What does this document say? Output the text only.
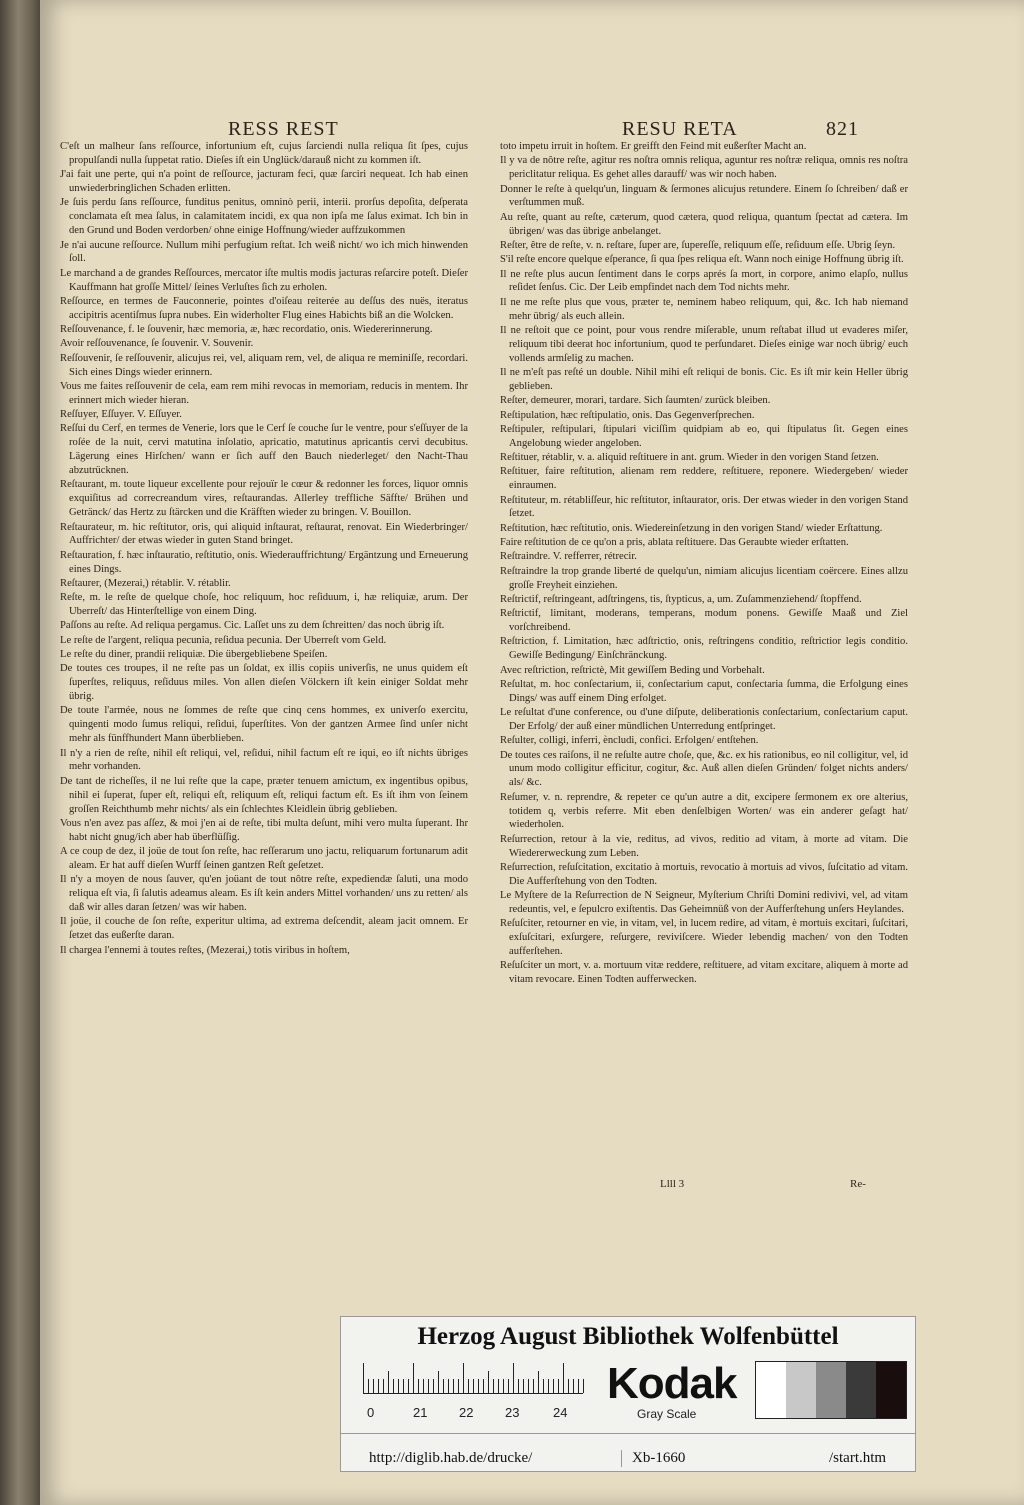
RESS REST	RESU RETA	821

C'eſt un malheur ſans reſſource, infortunium eſt, cujus ſarciendi nulla reliqua ſit ſpes, cujus propulſandi nulla ſuppetat ratio. Dieſes iſt ein Unglück/darauß nicht zu kommen iſt.

J'ai fait une perte, qui n'a point de reſſource, jacturam feci, quæ ſarciri nequeat. Ich hab einen unwiederbringlichen Schaden erlitten.

Je ſuis perdu ſans reſſource, funditus penitus, omninò perii, interii. prorſus depoſita, deſperata conclamata eſt mea ſalus, in calamitatem incidi, ex qua non ipſa me ſalus eximat. Ich bin in den Grund und Boden verdorben/ ohne einige Hoffnung/wieder auffzukommen

Je n'ai aucune reſſource. Nullum mihi perfugium reſtat. Ich weiß nicht/ wo ich mich hinwenden ſoll.

Le marchand a de grandes Reſſources, mercator iſte multis modis jacturas reſarcire poteſt. Dieſer Kauffmann hat groſſe Mittel/ ſeines Verluſtes ſich zu erholen.

Reſſource, en termes de Fauconnerie, pointes d'oiſeau reiterée au deſſus des nuës, iteratus accipitris acentiſmus ſupra nubes. Ein widerholter Flug eines Habichts biß an die Wolcken.

Reſſouvenance, f. le ſouvenir, hæc memoria, æ, hæc recordatio, onis. Wiedererinnerung.

Avoir reſſouvenance, ſe ſouvenir. V. Souvenir.

Reſſouvenir, ſe reſſouvenir, alicujus rei, vel, aliquam rem, vel, de aliqua re meminiſſe, recordari. Sich eines Dings wieder erinnern.

Vous me faites reſſouvenir de cela, eam rem mihi revocas in memoriam, reducis in mentem. Ihr erinnert mich wieder hieran.

Reſſuyer, Eſſuyer. V. Eſſuyer.

Reſſui du Cerf, en termes de Venerie, lors que le Cerf ſe couche ſur le ventre, pour s'eſſuyer de la roſée de la nuit, cervi matutina inſolatio, apricatio, matutinus apricantis cervi decubitus. Lägerung eines Hirſchen/ wann er ſich auff den Bauch niederleget/ den Nacht-Thau abzutrücknen.

Reſtaurant, m. toute liqueur excellente pour rejouïr le cœur & redonner les forces, liquor omnis exquiſitus ad correcreandum vires, reſtaurandas. Allerley treffliche Säffte/ Brühen und Getränck/ das Hertz zu ſtärcken und die Kräfften wieder zu bringen. V. Bouillon.

Reſtaurateur, m. hic reſtitutor, oris, qui aliquid inſtaurat, reſtaurat, renovat. Ein Wiederbringer/ Auffrichter/ der etwas wieder in guten Stand bringet.

Reſtauration, f. hæc inſtauratio, reſtitutio, onis. Wiederauffrichtung/ Ergäntzung und Erneuerung eines Dings.

Reſtaurer, (Mezerai,) rétablir. V. rétablir.

Reſte, m. le reſte de quelque choſe, hoc reliquum, hoc reſiduum, i, hæ reliquiæ, arum. Der Uberreſt/ das Hinterſtellige von einem Ding.

Paſſons au reſte. Ad reliqua pergamus. Cic. Laſſet uns zu dem ſchreitten/ das noch übrig iſt.

Le reſte de l'argent, reliqua pecunia, reſidua pecunia. Der Uberreſt vom Geld.

Le reſte du diner, prandii reliquiæ. Die übergebliebene Speiſen.

De toutes ces troupes, il ne reſte pas un ſoldat, ex illis copiis univerſis, ne unus quidem eſt ſuperſtes, reliquus, reſiduus miles. Von allen dieſen Völckern iſt kein einiger Soldat mehr übrig.

De toute l'armée, nous ne ſommes de reſte que cinq cens hommes, ex univerſo exercitu, quingenti modo ſumus reliqui, reſidui, ſuperſtites. Von der gantzen Armee ſind unſer nicht mehr als fünffhundert Mann überblieben.

Il n'y a rien de reſte, nihil eſt reliqui, vel, reſidui, nihil factum eſt re iqui, eo iſt nichts übriges mehr vorhanden.

De tant de richeſſes, il ne lui reſte que la cape, præter tenuem amictum, ex ingentibus opibus, nihil ei ſuperat, ſuper eſt, reliqui eſt, reliquum eſt, reliqui factum eſt. Es iſt ihm von ſeinem groſſen Reichthumb mehr nichts/ als ein ſchlechtes Kleidlein übrig geblieben.

Vous n'en avez pas aſſez, & moi j'en ai de reſte, tibi multa deſunt, mihi vero multa ſuperant. Ihr habt nicht gnug/ich aber hab überflüſſig.

A ce coup de dez, il joüe de tout ſon reſte, hac reſſerarum uno jactu, reliquarum fortunarum adit aleam. Er hat auff dieſen Wurff ſeinen gantzen Reſt geſetzet.

Il n'y a moyen de nous ſauver, qu'en joüant de tout nôtre reſte, expediendæ ſaluti, una modo reliqua eſt via, ſi ſalutis adeamus aleam. Es iſt kein anders Mittel vorhanden/ uns zu retten/ als daß wir alles daran ſetzen/ was wir haben.

Il joüe, il couche de ſon reſte, experitur ultima, ad extrema deſcendit, aleam jacit omnem. Er ſetzet das eußerſte daran.

Il chargea l'ennemi à toutes reſtes, (Mezerai,) totis viribus in hoſtem,

toto impetu irruit in hoſtem. Er greifft den Feind mit eußerſter Macht an.

Il y va de nôtre reſte, agitur res noſtra omnis reliqua, aguntur res noſtræ reliqua, omnis res noſtra periclitatur reliqua. Es gehet alles darauff/ was wir noch haben.

Donner le reſte à quelqu'un, linguam & ſermones alicujus retundere. Einem ſo ſchreiben/ daß er verſtummen muß.

Au reſte, quant au reſte, cæterum, quod cætera, quod reliqua, quantum ſpectat ad cætera. Im übrigen/ was das übrige anbelanget.

Reſter, être de reſte, v. n. reſtare, ſuper are, ſupereſſe, reliquum eſſe, reſiduum eſſe. Ubrig ſeyn.

S'il reſte encore quelque eſperance, ſi qua ſpes reliqua eſt. Wann noch einige Hoffnung übrig iſt.

Il ne reſte plus aucun ſentiment dans le corps aprés ſa mort, in corpore, animo elapſo, nullus reſidet ſenſus. Cic. Der Leib empfindet nach dem Tod nichts mehr.

Il ne me reſte plus que vous, præter te, neminem habeo reliquum, qui, &c. Ich hab niemand mehr übrig/ als euch allein.

Il ne reſtoit que ce point, pour vous rendre miſerable, unum reſtabat illud ut evaderes miſer, reliquum tibi deerat hoc infortunium, quod te perſundaret. Dieſes einige war noch übrig/ euch vollends armſelig zu machen.

Il ne m'eſt pas reſté un double. Nihil mihi eſt reliqui de bonis. Cic. Es iſt mir kein Heller übrig geblieben.

Reſter, demeurer, morari, tardare. Sich ſaumten/ zurück bleiben.

Reſtipulation, hæc reſtipulatio, onis. Das Gegenverſprechen.

Reſtipuler, reſtipulari, ſtipulari viciſſim quidpiam ab eo, qui ſtipulatus ſit. Gegen eines Angelobung wieder angeloben.

Reſtituer, rétablir, v. a. aliquid reſtituere in ant. grum. Wieder in den vorigen Stand ſetzen.

Reſtituer, faire reſtitution, alienam rem reddere, reſtituere, reponere. Wiedergeben/ wieder einraumen.

Reſtituteur, m. rétabliſſeur, hic reſtitutor, inſtaurator, oris. Der etwas wieder in den vorigen Stand ſetzet.

Reſtitution, hæc reſtitutio, onis. Wiedereinſetzung in den vorigen Stand/ wieder Erſtattung.

Faire reſtitution de ce qu'on a pris, ablata reſtituere. Das Geraubte wieder erſtatten.

Reſtraindre. V. refferrer, rétrecir.

Reſtraindre la trop grande liberté de quelqu'un, nimiam alicujus licentiam coërcere. Eines allzu groſſe Freyheit einziehen.

Reſtrictif, reſtringeant, adſtringens, tis, ſtypticus, a, um. Zuſammenziehend/ ſtopffend.

Reſtrictif, limitant, moderans, temperans, modum ponens. Gewiſſe Maaß und Ziel vorſchreibend.

Reſtriction, f. Limitation, hæc adſtrictio, onis, reſtringens conditio, reſtrictior legis conditio. Gewiſſe Bedingung/ Einſchränckung.

Avec reſtriction, reſtrictè, Mit gewiſſem Beding und Vorbehalt.

Reſultat, m. hoc conſectarium, ii, conſectarium caput, conſectaria ſumma, die Erfolgung eines Dings/ was auff einem Ding erfolget.

Le reſultat d'une conference, ou d'une diſpute, deliberationis conſectarium, conſectarium caput. Der Erfolg/ der auß einer mündlichen Unterredung entſpringet.

Reſulter, colligi, inferri, ѐncludi, confici. Erfolgen/ entſtehen.

De toutes ces raiſons, il ne reſulte autre choſe, que, &c. ex his rationibus, eo nil colligitur, vel, id unum modo colligitur efficitur, cogitur, &c. Auß allen dieſen Gründen/ folget nichts anders/ als/ &c.

Reſumer, v. n. reprendre, & repeter ce qu'un autre a dit, excipere ſermonem ex ore alterius, totidem q, verbis referre. Mit eben denſelbigen Worten/ was ein anderer geſagt hat/ wiederholen.

Reſurrection, retour à la vie, reditus, ad vivos, reditio ad vitam, à morte ad vitam. Die Wiedererweckung zum Leben.

Reſurrection, reſuſcitation, excitatio à mortuis, revocatio à mortuis ad vivos, ſuſcitatio ad vitam. Die Aufferſtehung von den Todten.

Le Myſtere de la Reſurrection de N Seigneur, Myſterium Chriſti Domini redivivi, vel, ad vitam redeuntis, vel, e ſepulcro exiſtentis. Das Geheimnüß von der Aufferſtehung unſers Heylandes.

Reſuſciter, retourner en vie, in vitam, vel, in lucem redire, ad vitam, è mortuis excitari, ſuſcitari, exſuſcitari, exſurgere, reſurgere, reviviſcere. Wieder lebendig machen/ von den Todten aufferſtehen.

Reſuſciter un mort, v. a. mortuum vitæ reddere, reſtituere, ad vitam excitare, aliquem à morte ad vitam revocare. Einen Todten aufferwecken.

Llll 3	Re-
Herzog August Bibliothek Wolfenbüttel
0	21 22 23	24
Kodak
Gray Scale
http://diglib.hab.de/drucke/	Xb-1660	/start.htm
